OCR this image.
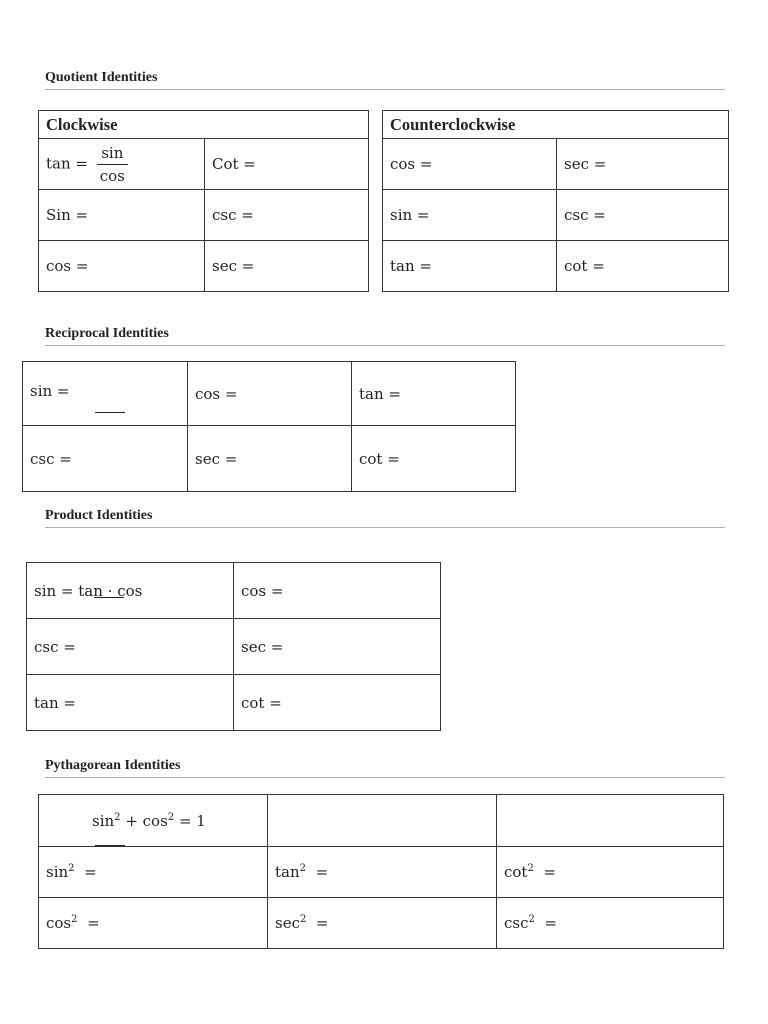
Quotient Identities
Clockwise	
$\tan = \frac{\sin}{\cos}$	Cot =
Sin =	csc =
cos =	sec =
Counterclockwise	
cos =	sec =
sin =	csc =
tan =	cot =
Reciprocal Identities
sin =	cos =	tan =
csc =	sec =	cot =
Product Identities
sin = tan · cos	cos =
csc =	sec =
tan =	cot =
Pythagorean Identities
$\sin^2 + \cos^2 = 1$		
$\sin^2$ =	$\tan^2$ =	$\cot^2$ =
$\cos^2$ =	$\sec^2$ =	$\csc^2$ =
